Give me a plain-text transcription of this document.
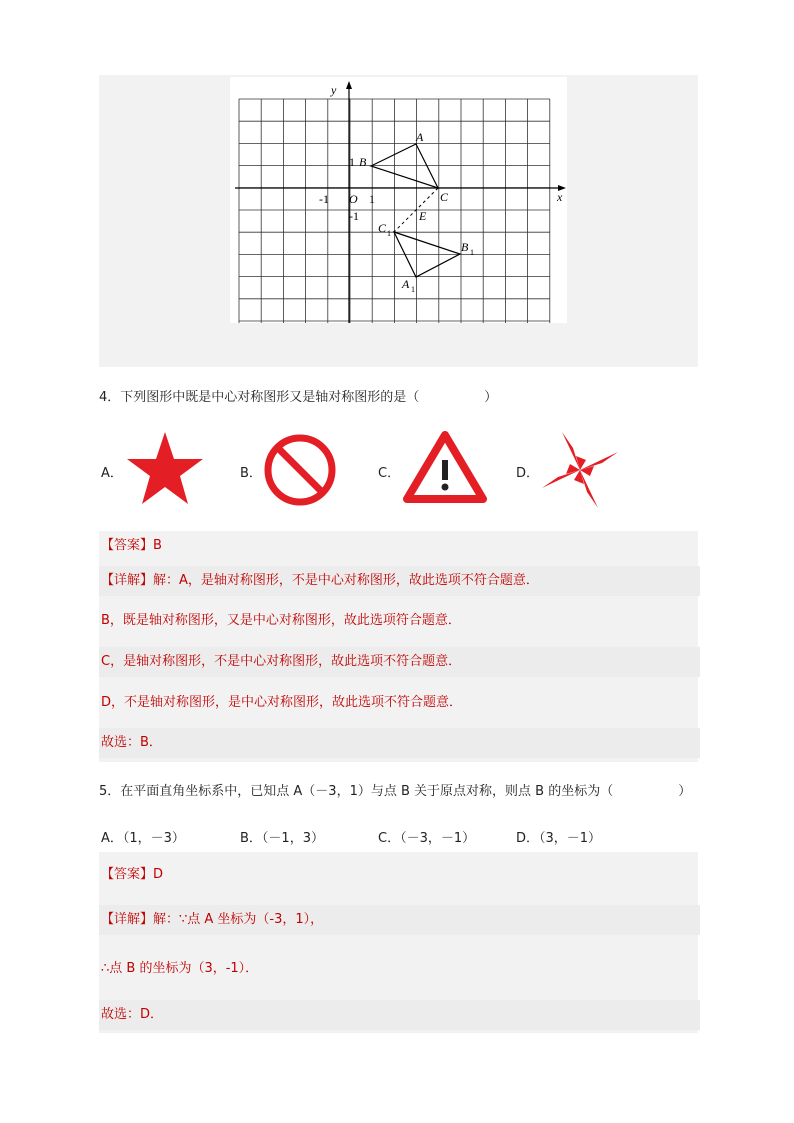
y
x
O
-1	1
1
-1
A
B
C
E
C 1
B 1
A 1
4．下列图形中既是中心对称图形又是轴对称图形的是（　　　　　）
A．	B．	C．	D．
【答案】B
【详解】解：A，是轴对称图形，不是中心对称图形，故此选项不符合题意．
B，既是轴对称图形，又是中心对称图形，故此选项符合题意．
C，是轴对称图形，不是中心对称图形，故此选项不符合题意．
D，不是轴对称图形，是中心对称图形，故此选项不符合题意．
故选：B．
5．在平面直角坐标系中，已知点 A（－3，1）与点 B 关于原点对称，则点 B 的坐标为（　　　　　）
A．（1，－3）	B．（－1，3）	C．（－3，－1）	D．（3，－1）
【答案】D
【详解】解：∵点 A 坐标为（-3，1），
∴点 B 的坐标为（3，-1）．
故选：D．
